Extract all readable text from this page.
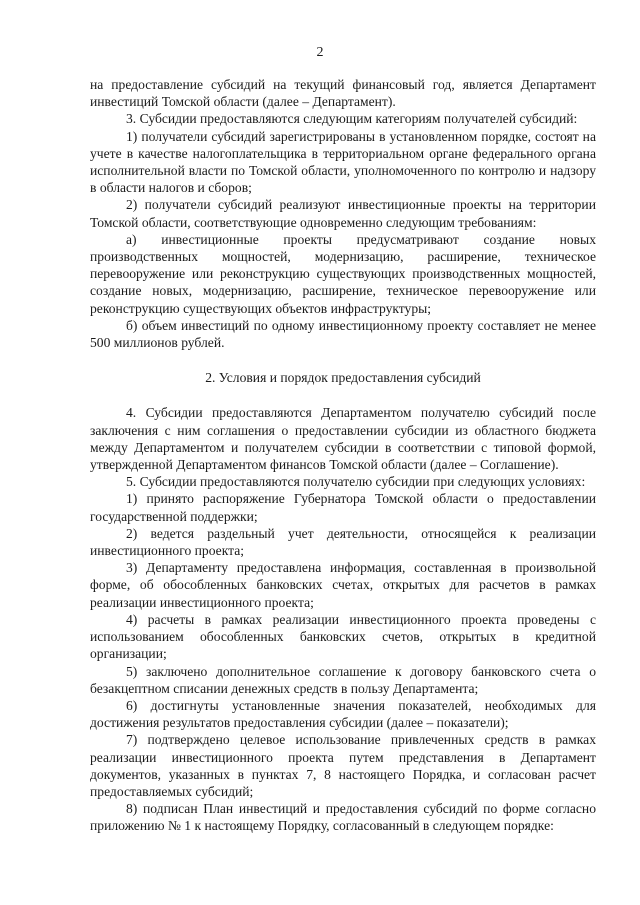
2

на предоставление субсидий на текущий финансовый год, является Департамент инвестиций Томской области (далее – Департамент).

3. Субсидии предоставляются следующим категориям получателей субсидий:

1) получатели субсидий зарегистрированы в установленном порядке, состоят на учете в качестве налогоплательщика в территориальном органе федерального органа исполнительной власти по Томской области, уполномоченного по контролю и надзору в области налогов и сборов;

2) получатели субсидий реализуют инвестиционные проекты на территории Томской области, соответствующие одновременно следующим требованиям:

а) инвестиционные проекты предусматривают создание новых производственных мощностей, модернизацию, расширение, техническое перевооружение или реконструкцию существующих производственных мощностей, создание новых, модернизацию, расширение, техническое перевооружение или реконструкцию существующих объектов инфраструктуры;

б) объем инвестиций по одному инвестиционному проекту составляет не менее 500 миллионов рублей.

2. Условия и порядок предоставления субсидий

4. Субсидии предоставляются Департаментом получателю субсидий после заключения с ним соглашения о предоставлении субсидии из областного бюджета между Департаментом и получателем субсидии в соответствии с типовой формой, утвержденной Департаментом финансов Томской области (далее – Соглашение).

5. Субсидии предоставляются получателю субсидии при следующих условиях:

1) принято распоряжение Губернатора Томской области о предоставлении государственной поддержки;

2) ведется раздельный учет деятельности, относящейся к реализации инвестиционного проекта;

3) Департаменту предоставлена информация, составленная в произвольной форме, об обособленных банковских счетах, открытых для расчетов в рамках реализации инвестиционного проекта;

4) расчеты в рамках реализации инвестиционного проекта проведены с использованием обособленных банковских счетов, открытых в кредитной организации;

5) заключено дополнительное соглашение к договору банковского счета о безакцептном списании денежных средств в пользу Департамента;

6) достигнуты установленные значения показателей, необходимых для достижения результатов предоставления субсидии (далее – показатели);

7) подтверждено целевое использование привлеченных средств в рамках реализации инвестиционного проекта путем представления в Департамент документов, указанных в пунктах 7, 8 настоящего Порядка, и согласован расчет предоставляемых субсидий;

8) подписан План инвестиций и предоставления субсидий по форме согласно приложению № 1 к настоящему Порядку, согласованный в следующем порядке:
